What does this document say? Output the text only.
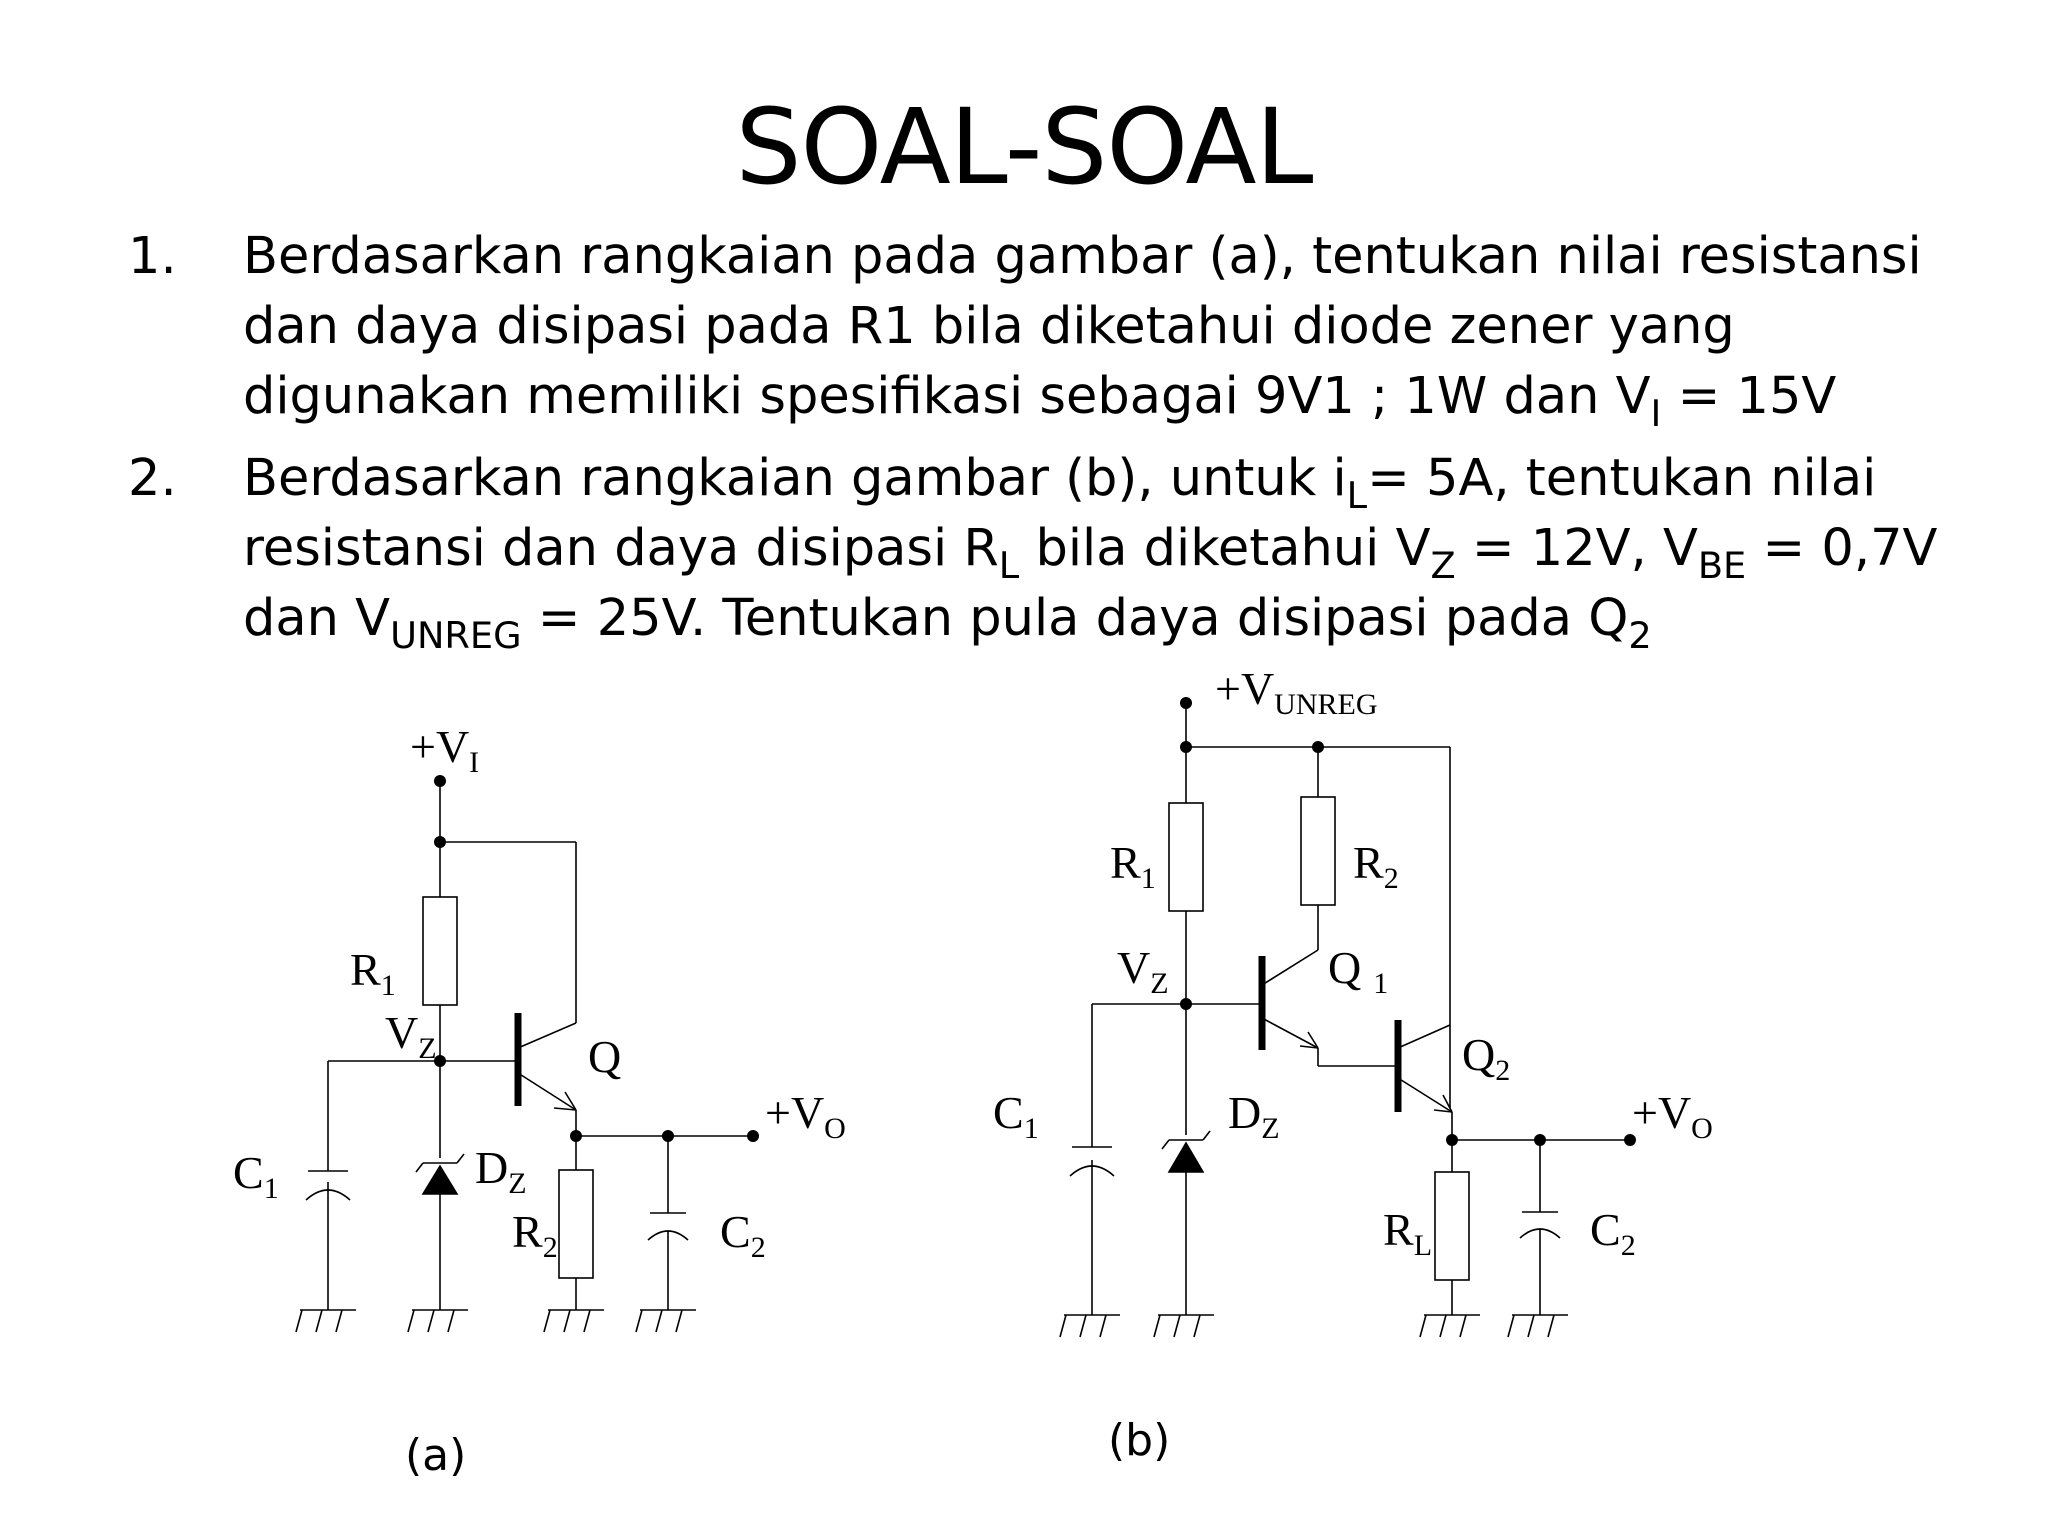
SOAL-SOAL
1. Berdasarkan rangkaian pada gambar (a), tentukan nilai resistansi
dan daya disipasi pada R1 bila diketahui diode zener yang
digunakan memiliki spesifikasi sebagai 9V1 ; 1W dan $V_I = 15V$
2. Berdasarkan rangkaian gambar (b), untuk $i_L= 5A$, tentukan nilai
resistansi dan daya disipasi $R_L$ bila diketahui $V_Z = 12V$, $V_{BE} = 0,7V$
dan $V_{UNREG} = 25V$. Tentukan pula daya disipasi pada $Q_2$
$+V_I$
$R_1$
$V_Z$	Q
$+V_O$
$C_1$	$D_Z$
$R_2$	$C_2$
$+V_{UNREG}$
$R_1$	$R_2$
$V_Z$	Q $_1$
$Q_2$
$C_1$	$D_Z$	$+V_O$
$R_L$	$C_2$
(a)	(b)
